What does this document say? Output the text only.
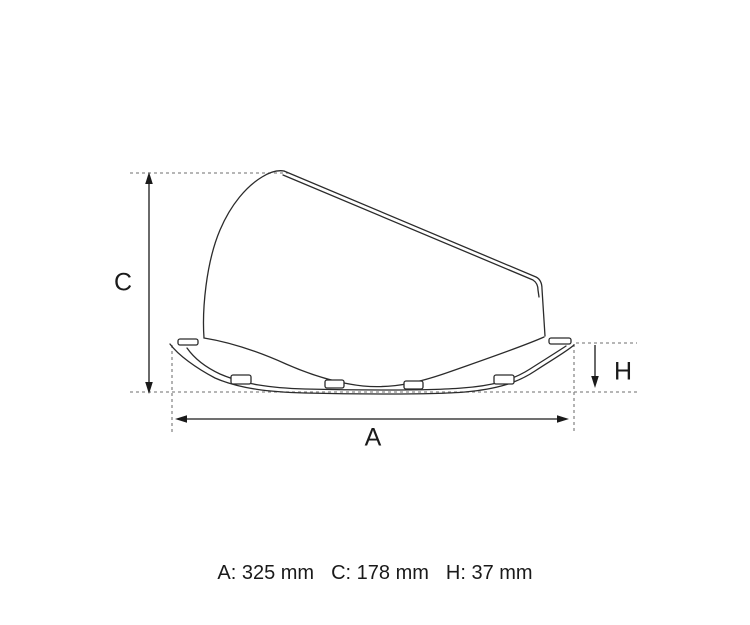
C
H
A
A: 325 mm C: 178 mm H: 37 mm
